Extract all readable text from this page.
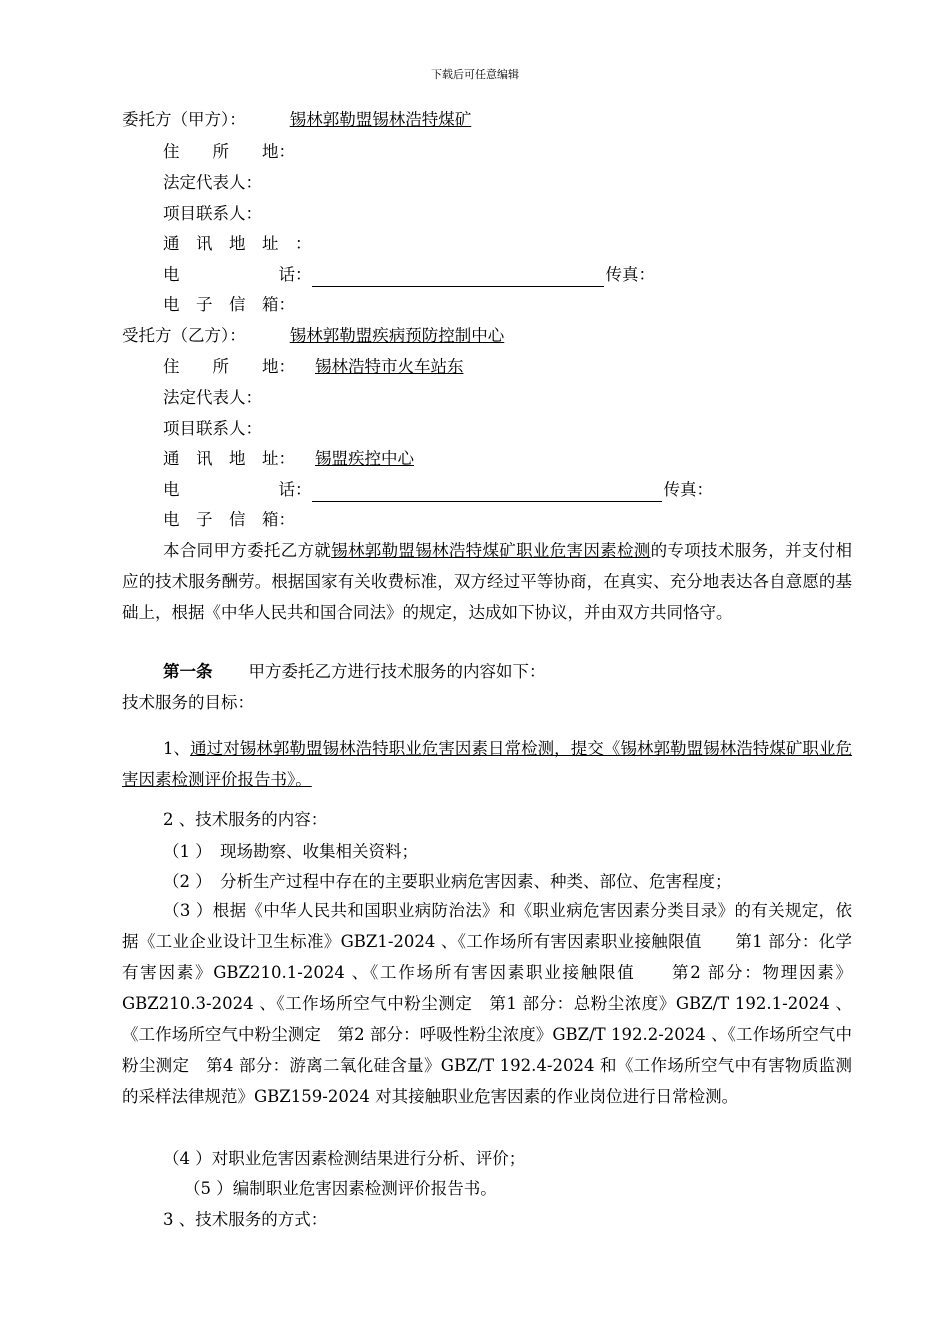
下载后可任意编辑
委托方（甲方）：	锡林郭勒盟锡林浩特煤矿
住　　所　　地：
法定代表人：
项目联系人：
通　讯　地　址　：
电　　　　　　话：	传真：
电　子　信　箱：
受托方（乙方）：	锡林郭勒盟疾病预防控制中心
住　　所　　地： 锡林浩特市火车站东
法定代表人：
项目联系人：
通　讯　地　址： 锡盟疾控中心
电　　　　　　话：	传真：
电　子　信　箱：
本合同甲方委托乙方就锡林郭勒盟锡林浩特煤矿职业危害因素检测的专项技术服务，并支付相应的技术服务酬劳。根据国家有关收费标准，双方经过平等协商，在真实、充分地表达各自意愿的基础上，根据《中华人民共和国合同法》的规定，达成如下协议，并由双方共同恪守。
第一条 甲方委托乙方进行技术服务的内容如下：
技术服务的目标：
1、通过对锡林郭勒盟锡林浩特职业危害因素日常检测，提交《锡林郭勒盟锡林浩特煤矿职业危害因素检测评价报告书》。
2 、技术服务的内容：
（1 ）　现场勘察、收集相关资料；
（2 ）　分析生产过程中存在的主要职业病危害因素、种类、部位、危害程度；
（3 ）根据《中华人民共和国职业病防治法》和《职业病危害因素分类目录》的有关规定，依据《工业企业设计卫生标准》GBZ1-2024 、《工作场所有害因素职业接触限值　　第1 部分：化学有害因素》GBZ210.1-2024 、《工作场所有害因素职业接触限值　　第2 部分：物理因素》GBZ210.3-2024 、《工作场所空气中粉尘测定　第1 部分：总粉尘浓度》GBZ/T 192.1-2024 、《工作场所空气中粉尘测定　第2 部分：呼吸性粉尘浓度》GBZ/T 192.2-2024 、《工作场所空气中粉尘测定　第4 部分：游离二氧化硅含量》GBZ/T 192.4-2024 和《工作场所空气中有害物质监测的采样法律规范》GBZ159-2024 对其接触职业危害因素的作业岗位进行日常检测。
（4 ）对职业危害因素检测结果进行分析、评价；
（5 ）编制职业危害因素检测评价报告书。
3 、技术服务的方式：
